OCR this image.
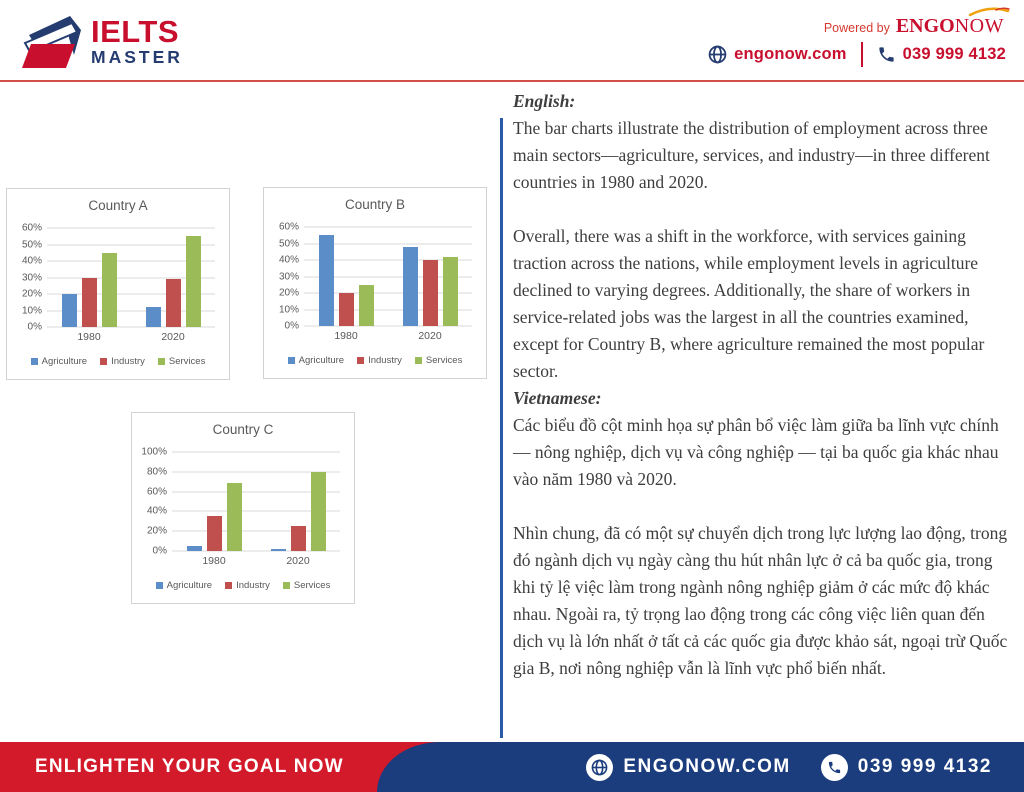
IELTS
MASTER
Powered by ENGONOW
engonow.com	039 999 4132
Country A
0%
10%
20%
30%
40%
50%
60%
1980	2020
Agriculture	Industry	Services
Country B
0%
10%
20%
30%
40%
50%
60%
1980	2020
Agriculture	Industry	Services
Country C
0%
20%
40%
60%
80%
100%
1980	2020
Agriculture	Industry	Services
English:

The bar charts illustrate the distribution of employment across three main sectors—agriculture, services, and industry—in three different countries in 1980 and 2020.

Overall, there was a shift in the workforce, with services gaining traction across the nations, while employment levels in agriculture declined to varying degrees. Additionally, the share of workers in service-related jobs was the largest in all the countries examined, except for Country B, where agriculture remained the most popular sector.

Vietnamese:

Các biểu đồ cột minh họa sự phân bổ việc làm giữa ba lĩnh vực chính — nông nghiệp, dịch vụ và công nghiệp — tại ba quốc gia khác nhau vào năm 1980 và 2020.

Nhìn chung, đã có một sự chuyển dịch trong lực lượng lao động, trong đó ngành dịch vụ ngày càng thu hút nhân lực ở cả ba quốc gia, trong khi tỷ lệ việc làm trong ngành nông nghiệp giảm ở các mức độ khác nhau. Ngoài ra, tỷ trọng lao động trong các công việc liên quan đến dịch vụ là lớn nhất ở tất cả các quốc gia được khảo sát, ngoại trừ Quốc gia B, nơi nông nghiệp vẫn là lĩnh vực phổ biến nhất.

ENLIGHTEN YOUR GOAL NOW	ENGONOW.COM	039 999 4132
